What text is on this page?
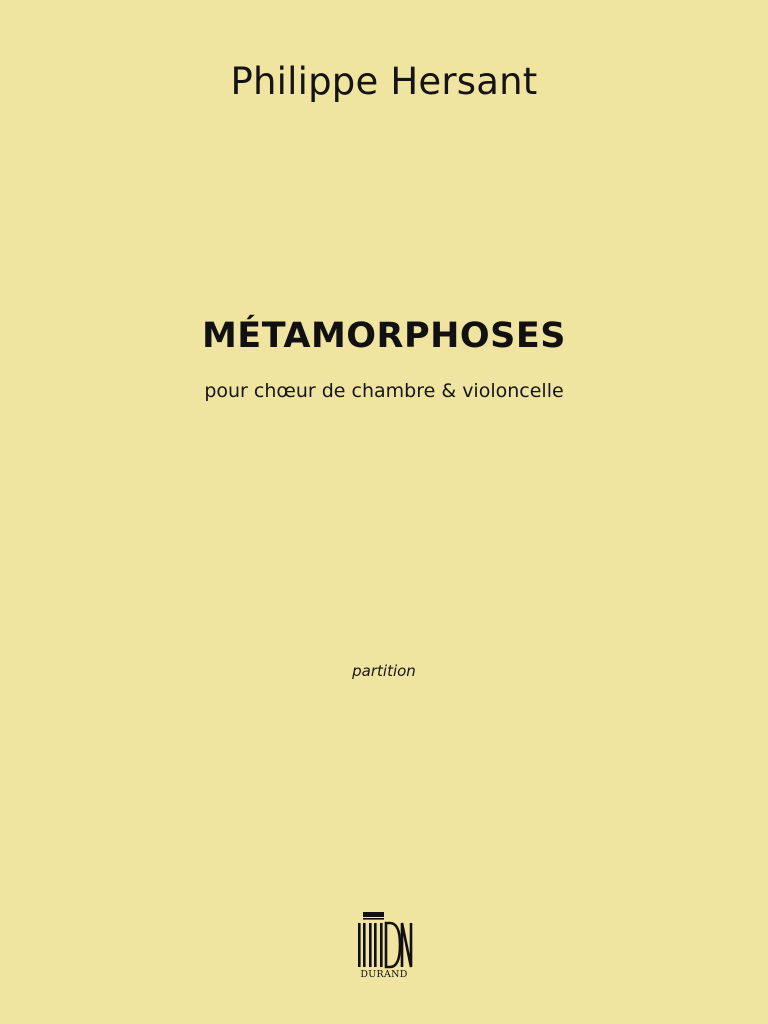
Philippe Hersant
MÉTAMORPHOSES
pour chœur de chambre & violoncelle
partition
DURAND
